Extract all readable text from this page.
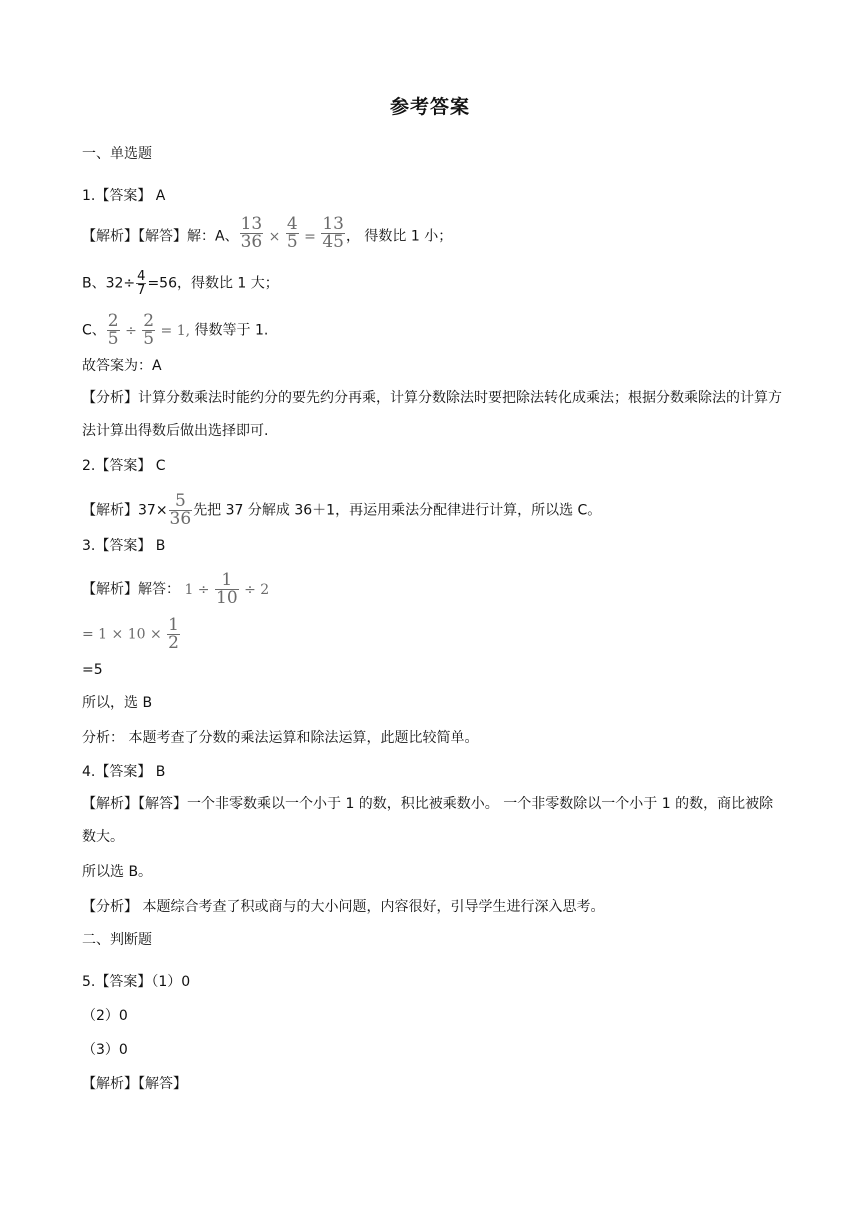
参考答案
一、单选题
1.【答案】 A
【解析】【解答】解：A、 $\frac{13}{36} \times \frac{4}{5} = \frac{13}{45}$ ， 得数比 1 小；
B、$32\div \frac{4}{7} =56$，得数比 1 大；
C、 $\frac{2}{5} \div \frac{2}{5} = 1$, 得数等于 1.
故答案为：A
【分析】计算分数乘法时能约分的要先约分再乘，计算分数除法时要把除法转化成乘法；根据分数乘除法的计算方法计算出得数后做出选择即可.
2.【答案】 C
【解析】$37\times \frac{5}{36}$ 先把 37 分解成 36＋1，再运用乘法分配律进行计算，所以选 C。
3.【答案】 B
【解析】解答： $1 \div \frac{1}{10} \div 2$
= $1 \times 10 \times \frac{1}{2}$
=5
所以，选 B
分析： 本题考查了分数的乘法运算和除法运算，此题比较简单。
4.【答案】 B
【解析】【解答】一个非零数乘以一个小于 1 的数，积比被乘数小。 一个非零数除以一个小于 1 的数，商比被除数大。
所以选 B。
【分析】 本题综合考查了积或商与的大小问题，内容很好，引导学生进行深入思考。
二、判断题
5.【答案】（1）0
（2）0
（3）0
【解析】【解答】
